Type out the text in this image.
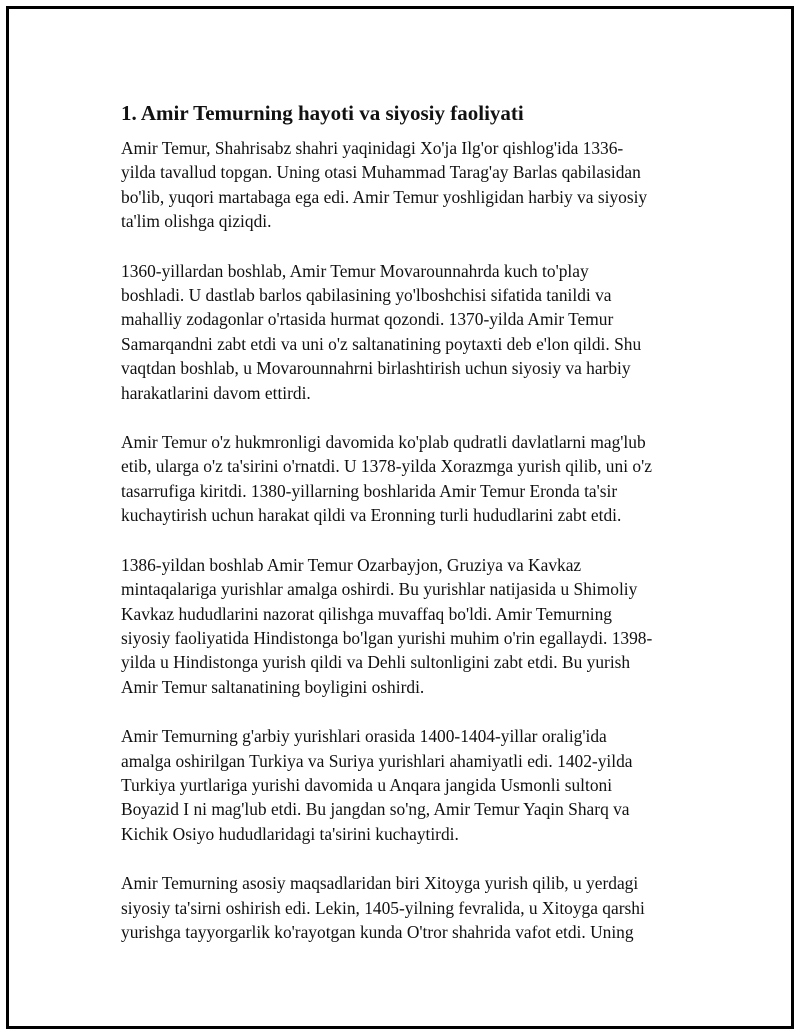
1. Amir Temurning hayoti va siyosiy faoliyati

Amir Temur, Shahrisabz shahri yaqinidagi Xo'ja Ilg'or qishlog'ida 1336-
yilda tavallud topgan. Uning otasi Muhammad Tarag'ay Barlas qabilasidan
bo'lib, yuqori martabaga ega edi. Amir Temur yoshligidan harbiy va siyosiy
ta'lim olishga qiziqdi.

1360-yillardan boshlab, Amir Temur Movarounnahrda kuch to'play
boshladi. U dastlab barlos qabilasining yo'lboshchisi sifatida tanildi va
mahalliy zodagonlar o'rtasida hurmat qozondi. 1370-yilda Amir Temur
Samarqandni zabt etdi va uni o'z saltanatining poytaxti deb e'lon qildi. Shu
vaqtdan boshlab, u Movarounnahrni birlashtirish uchun siyosiy va harbiy
harakatlarini davom ettirdi.

Amir Temur o'z hukmronligi davomida ko'plab qudratli davlatlarni mag'lub
etib, ularga o'z ta'sirini o'rnatdi. U 1378-yilda Xorazmga yurish qilib, uni o'z
tasarrufiga kiritdi. 1380-yillarning boshlarida Amir Temur Eronda ta'sir
kuchaytirish uchun harakat qildi va Eronning turli hududlarini zabt etdi.

1386-yildan boshlab Amir Temur Ozarbayjon, Gruziya va Kavkaz
mintaqalariga yurishlar amalga oshirdi. Bu yurishlar natijasida u Shimoliy
Kavkaz hududlarini nazorat qilishga muvaffaq bo'ldi. Amir Temurning
siyosiy faoliyatida Hindistonga bo'lgan yurishi muhim o'rin egallaydi. 1398-
yilda u Hindistonga yurish qildi va Dehli sultonligini zabt etdi. Bu yurish
Amir Temur saltanatining boyligini oshirdi.

Amir Temurning g'arbiy yurishlari orasida 1400-1404-yillar oralig'ida
amalga oshirilgan Turkiya va Suriya yurishlari ahamiyatli edi. 1402-yilda
Turkiya yurtlariga yurishi davomida u Anqara jangida Usmonli sultoni
Boyazid I ni mag'lub etdi. Bu jangdan so'ng, Amir Temur Yaqin Sharq va
Kichik Osiyo hududlaridagi ta'sirini kuchaytirdi.

Amir Temurning asosiy maqsadlaridan biri Xitoyga yurish qilib, u yerdagi
siyosiy ta'sirni oshirish edi. Lekin, 1405-yilning fevralida, u Xitoyga qarshi
yurishga tayyorgarlik ko'rayotgan kunda O'tror shahrida vafot etdi. Uning
